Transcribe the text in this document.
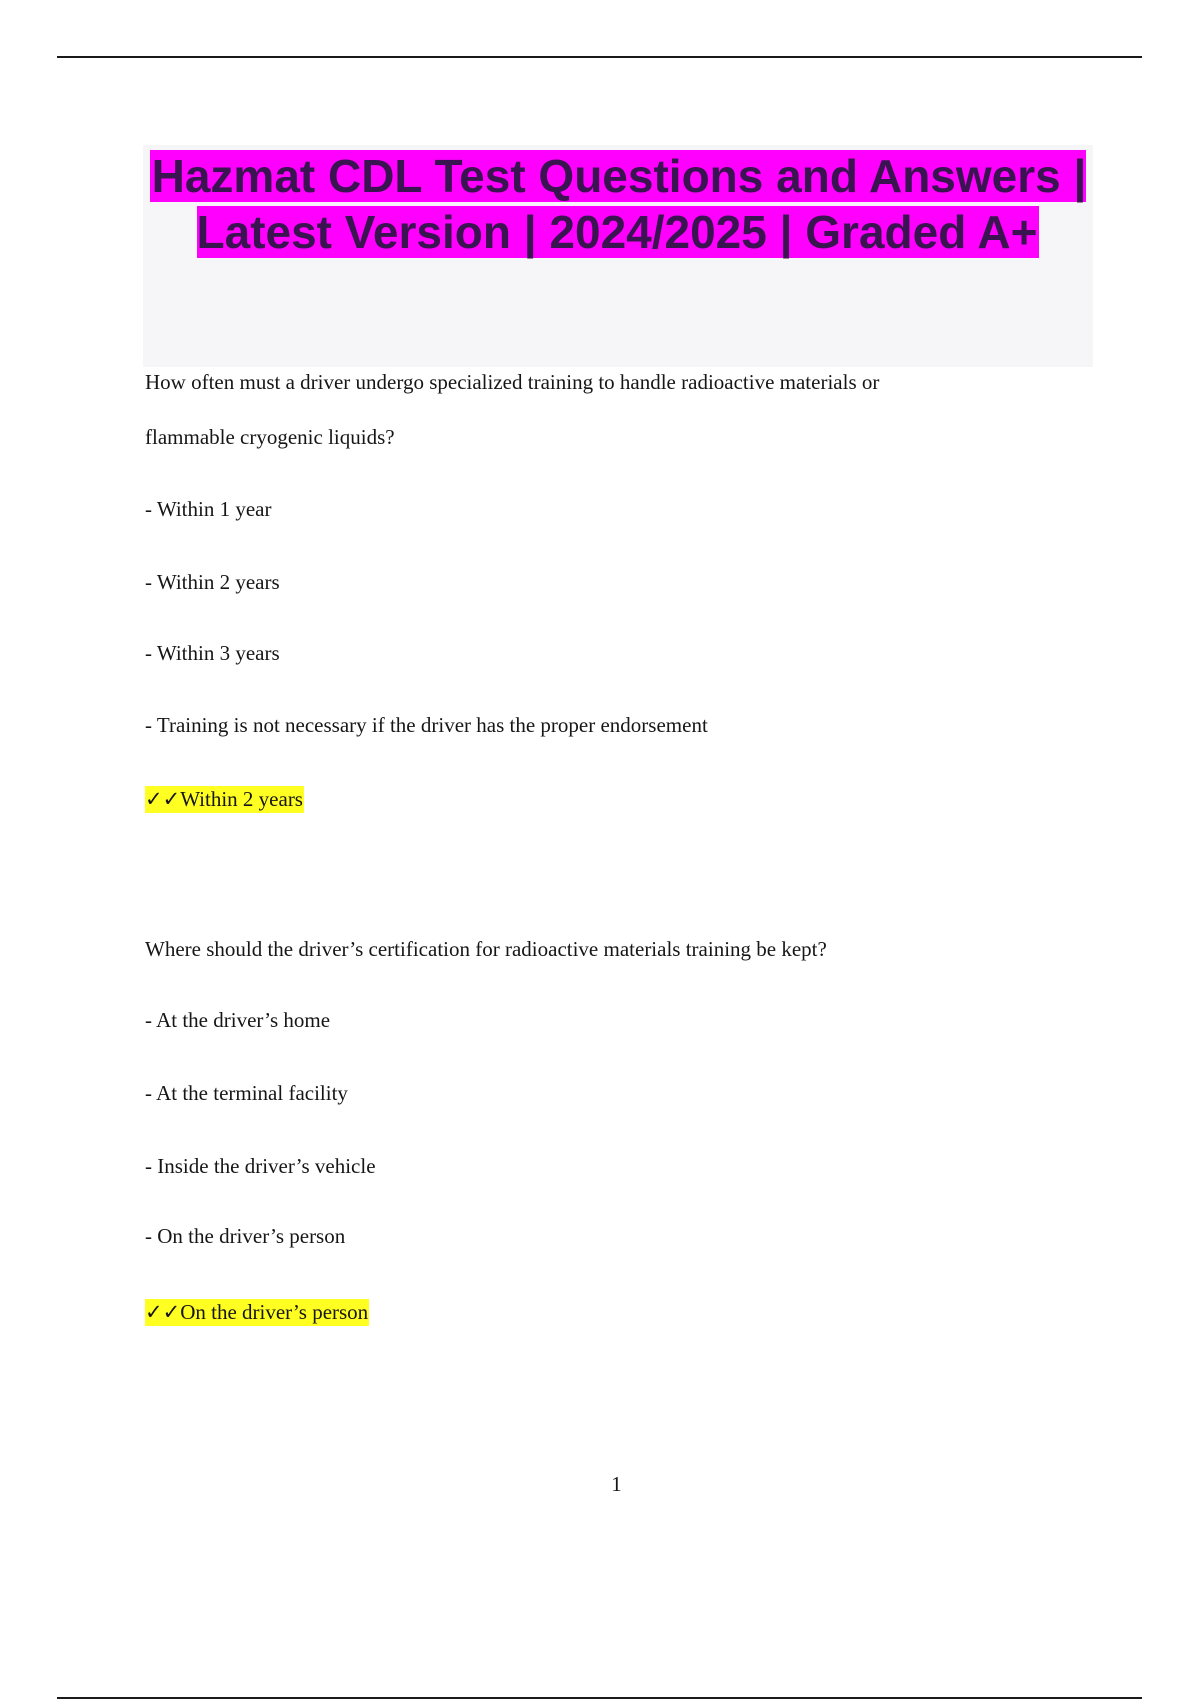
Hazmat CDL Test Questions and Answers | Latest Version | 2024/2025 | Graded A+

How often must a driver undergo specialized training to handle radioactive materials or

flammable cryogenic liquids?

- Within 1 year

- Within 2 years

- Within 3 years

- Training is not necessary if the driver has the proper endorsement

✓✓Within 2 years

Where should the driver’s certification for radioactive materials training be kept?

- At the driver’s home

- At the terminal facility

- Inside the driver’s vehicle

- On the driver’s person

✓✓On the driver’s person

1
